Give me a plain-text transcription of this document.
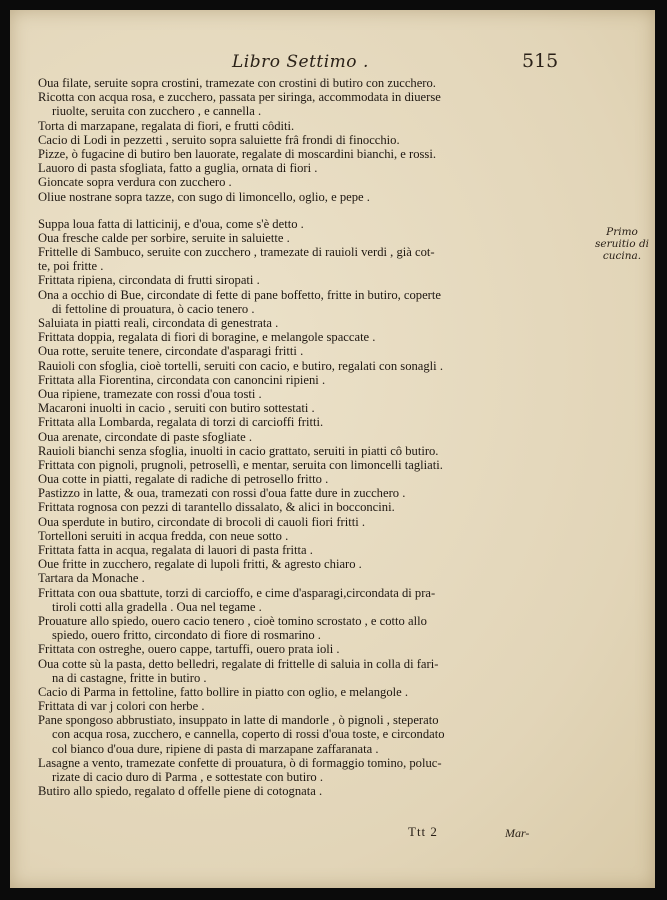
Libro Settimo .	515
Oua filate, seruite sopra crostini, tramezate con crostini di butiro con zucchero.
Ricotta con acqua rosa, e zucchero, passata per siringa, accommodata in diuerse
riuolte, seruita con zucchero , e cannella .
Torta di marzapane, regalata di fiori, e frutti côditi.
Cacio di Lodi in pezzetti , seruito sopra saluiette frâ frondi di finocchio.
Pizze, ò fugacine di butiro ben lauorate, regalate di moscardini bianchi, e rossi.
Lauoro di pasta sfogliata, fatto a guglia, ornata di fiori .
Gioncate sopra verdura con zucchero .
Oliue nostrane sopra tazze, con sugo di limoncello, oglio, e pepe .
Suppa loua fatta di latticinij, e d'oua, come s'è detto .
Oua fresche calde per sorbire, seruite in saluiette .
Frittelle di Sambuco, seruite con zucchero , tramezate di rauioli verdi , già cot-
te, poi fritte .
Frittata ripiena, circondata di frutti siropati .
Ona a occhio di Bue, circondate di fette di pane boffetto, fritte in butiro, coperte
di fettoline di prouatura, ò cacio tenero .
Saluiata in piatti reali, circondata di genestrata .
Frittata doppia, regalata di fiori di boragine, e melangole spaccate .
Oua rotte, seruite tenere, circondate d'asparagi fritti .
Rauioli con sfoglia, cioè tortelli, seruiti con cacio, e butiro, regalati con sonagli .
Frittata alla Fiorentina, circondata con canoncini ripieni .
Oua ripiene, tramezate con rossi d'oua tosti .
Macaroni inuolti in cacio , seruiti con butiro sottestati .
Frittata alla Lombarda, regalata di torzi di carcioffi fritti.
Oua arenate, circondate di paste sfogliate .
Rauioli bianchi senza sfoglia, inuolti in cacio grattato, seruiti in piatti cô butiro.
Frittata con pignoli, prugnoli, petrosellì, e mentar, seruita con limoncelli tagliati.
Oua cotte in piatti, regalate di radiche di petrosello fritto .
Pastizzo in latte, & oua, tramezati con rossi d'oua fatte dure in zucchero .
Frittata rognosa con pezzi di tarantello dissalato, & alici in bocconcini.
Oua sperdute in butiro, circondate di brocoli di cauoli fiori fritti .
Tortelloni seruiti in acqua fredda, con neue sotto .
Frittata fatta in acqua, regalata di lauori di pasta fritta .
Oue fritte in zucchero, regalate di lupoli fritti, & agresto chiaro .
Tartara da Monache .
Frittata con oua sbattute, torzi di carcioffo, e cime d'asparagi,circondata di pra-
tiroli cotti alla gradella . Oua nel tegame .
Prouature allo spiedo, ouero cacio tenero , cioè tomino scrostato , e cotto allo
spiedo, ouero fritto, circondato di fiore di rosmarino .
Frittata con ostreghe, ouero cappe, tartuffi, ouero prata ioli .
Oua cotte sù la pasta, detto belledri, regalate di frittelle di saluia in colla di fari-
na di castagne, fritte in butiro .
Cacio di Parma in fettoline, fatto bollire in piatto con oglio, e melangole .
Frittata di var j colori con herbe .
Pane spongoso abbrustiato, insuppato in latte di mandorle , ò pignoli , steperato
con acqua rosa, zucchero, e cannella, coperto di rossi d'oua toste, e circondato
col bianco d'oua dure, ripiene di pasta di marzapane zaffaranata .
Lasagne a vento, tramezate confette di prouatura, ò di formaggio tomino, poluc-
rizate di cacio duro di Parma , e sottestate con butiro .
Butiro allo spiedo, regalato d offelle piene di cotognata .
Primo seruitio di cucina.
Ttt 2	Mar-
